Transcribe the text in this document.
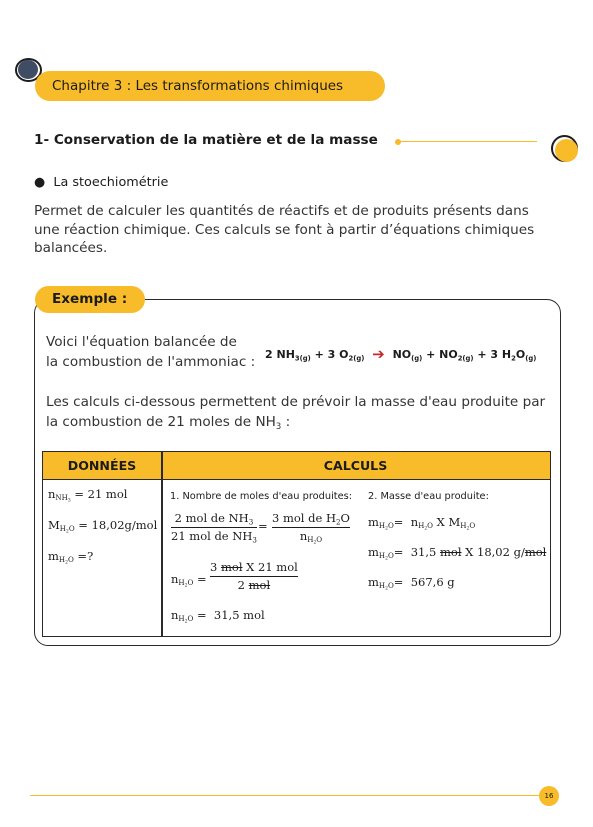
Chapitre 3 : Les transformations chimiques
1- Conservation de la matière et de la masse
● La stoechiométrie
Permet de calculer les quantités de réactifs et de produits présents dans une réaction chimique. Ces calculs se font à partir d’équations chimiques balancées.
Exemple :
Voici l'équation balancée de
la combustion de l'ammoniac : 2 $NH_{3(g)} + 3$ $O_{2(g)}$ ➔ $NO_{(g)} + NO_{2(g)} + 3$ $H_2O_{(g)}$
Les calculs ci-dessous permettent de prévoir la masse d'eau produite par la combustion de 21 moles de $NH_3$ :
DONNÉES	CALCULS
$n_{NH_3} = 21$ mol
$M_{H_2O} = 18,02g/mol$
$m_{H_2O}$ =?
1. Nombre de moles d'eau produites:
2 mol de $NH_3$
21 mol de $NH_3$
=
3 mol de $H_2O$
$n_{H_2O}$
$n_{H_2O}$ =
3 mol X 21 mol
2 mol
$n_{H_2O} = 31,5$ mol
2. Masse d'eau produite:
$m_{H_2O}= n_{H_2O}$ X $M_{H_2O}$
$m_{H_2O}= 31,5$ mol X 18,02 g/mol
$m_{H_2O}= 567,6$ g
16
